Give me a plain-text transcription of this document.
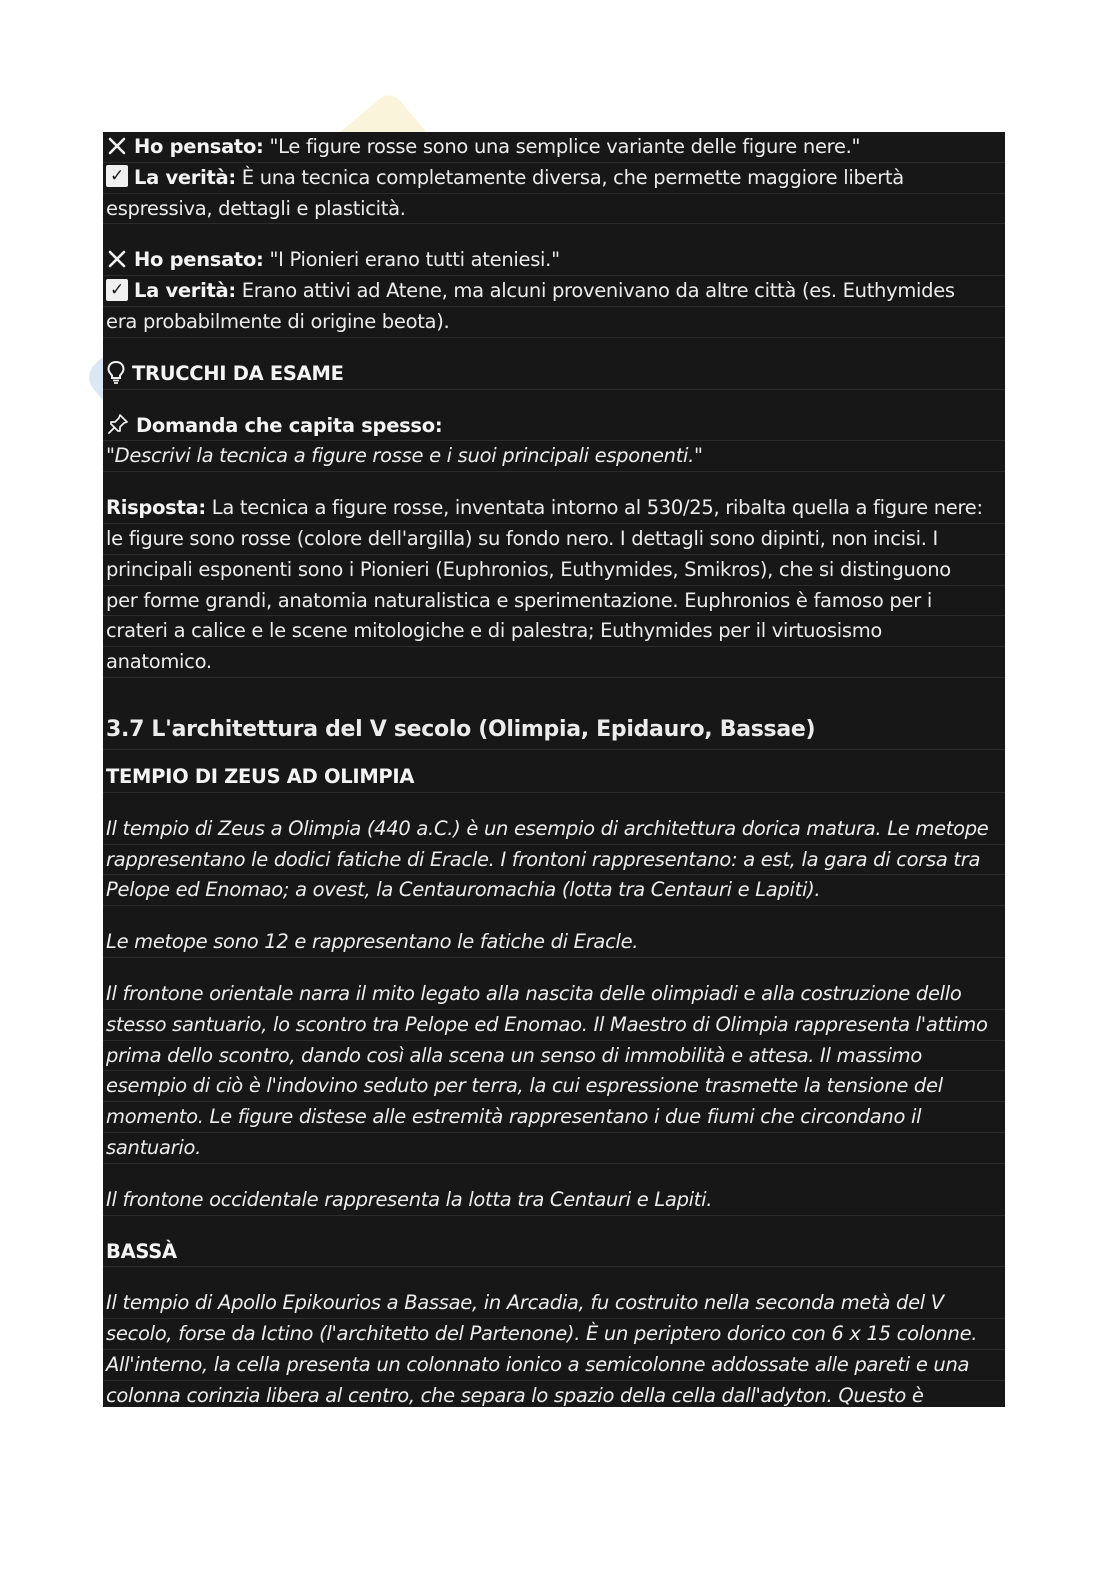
Ho pensato: "Le figure rosse sono una semplice variante delle figure nere."
✓ La verità: È una tecnica completamente diversa, che permette maggiore libertà
espressiva, dettagli e plasticità.
Ho pensato: "I Pionieri erano tutti ateniesi."
✓ La verità: Erano attivi ad Atene, ma alcuni provenivano da altre città (es. Euthymides
era probabilmente di origine beota).
TRUCCHI DA ESAME
Domanda che capita spesso:
"Descrivi la tecnica a figure rosse e i suoi principali esponenti."
Risposta: La tecnica a figure rosse, inventata intorno al 530/25, ribalta quella a figure nere:
le figure sono rosse (colore dell'argilla) su fondo nero. I dettagli sono dipinti, non incisi. I
principali esponenti sono i Pionieri (Euphronios, Euthymides, Smikros), che si distinguono
per forme grandi, anatomia naturalistica e sperimentazione. Euphronios è famoso per i
crateri a calice e le scene mitologiche e di palestra; Euthymides per il virtuosismo
anatomico.
3.7 L'architettura del V secolo (Olimpia, Epidauro, Bassae)
TEMPIO DI ZEUS AD OLIMPIA
Il tempio di Zeus a Olimpia (440 a.C.) è un esempio di architettura dorica matura. Le metope
rappresentano le dodici fatiche di Eracle. I frontoni rappresentano: a est, la gara di corsa tra
Pelope ed Enomao; a ovest, la Centauromachia (lotta tra Centauri e Lapiti).
Le metope sono 12 e rappresentano le fatiche di Eracle.
Il frontone orientale narra il mito legato alla nascita delle olimpiadi e alla costruzione dello
stesso santuario, lo scontro tra Pelope ed Enomao. Il Maestro di Olimpia rappresenta l'attimo
prima dello scontro, dando così alla scena un senso di immobilità e attesa. Il massimo
esempio di ciò è l'indovino seduto per terra, la cui espressione trasmette la tensione del
momento. Le figure distese alle estremità rappresentano i due fiumi che circondano il
santuario.
Il frontone occidentale rappresenta la lotta tra Centauri e Lapiti.
BASSÀ
Il tempio di Apollo Epikourios a Bassae, in Arcadia, fu costruito nella seconda metà del V
secolo, forse da Ictino (l'architetto del Partenone). È un periptero dorico con 6 x 15 colonne.
All'interno, la cella presenta un colonnato ionico a semicolonne addossate alle pareti e una
colonna corinzia libera al centro, che separa lo spazio della cella dall'adyton. Questo è
